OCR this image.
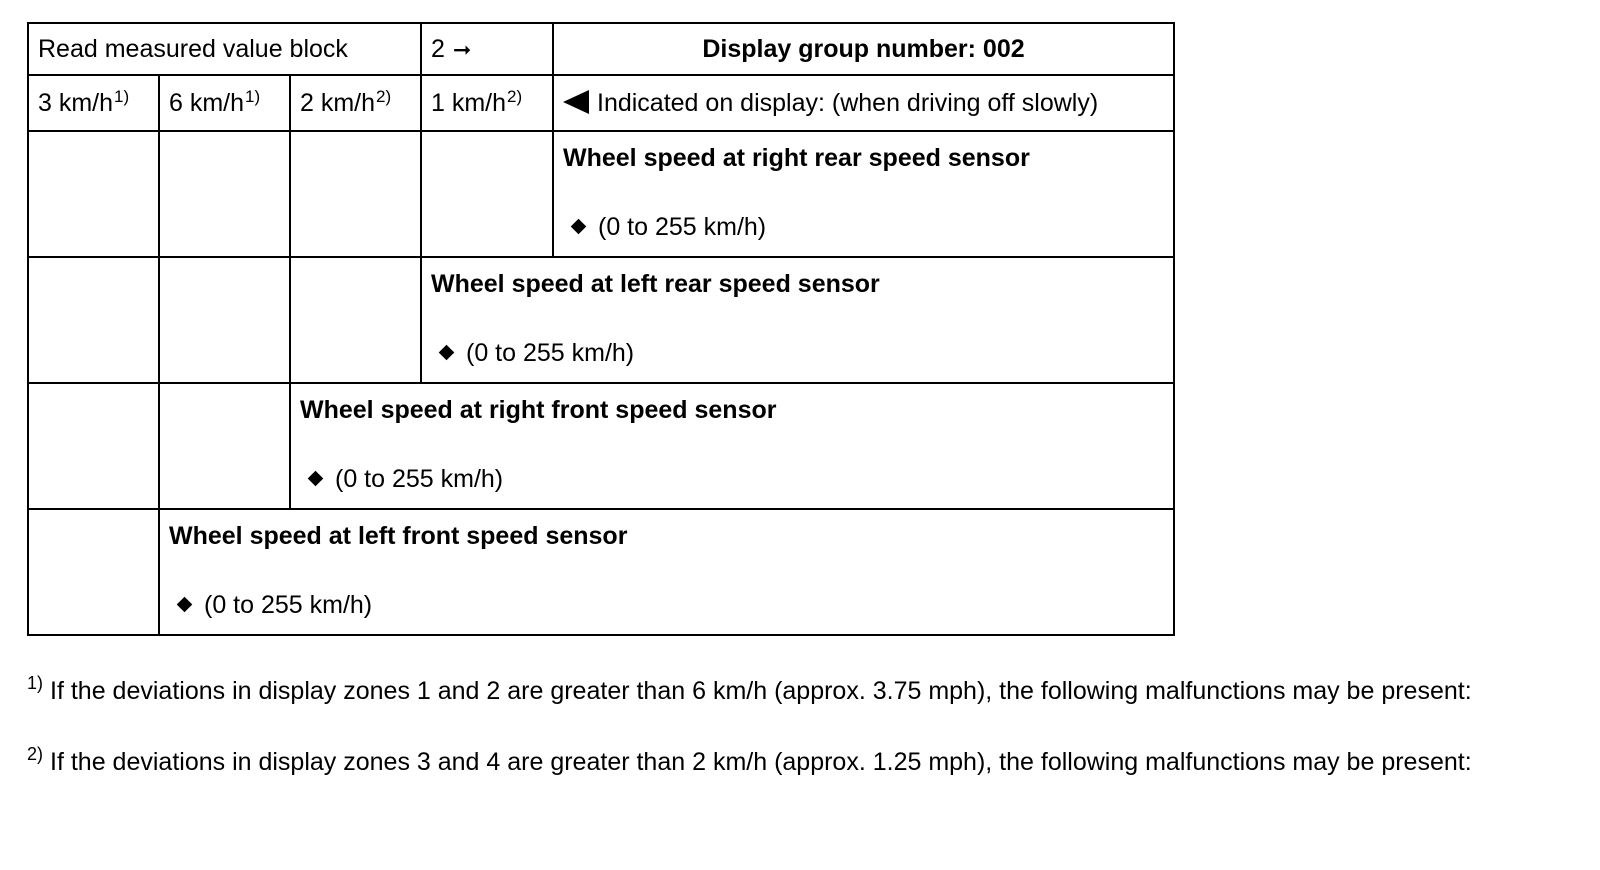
Read measured value block			2 ➞	Display group number: 002
3 $km/h^{1)}$	6 $km/h^{1)}$	2 $km/h^{2)}$	1 $km/h^{2)}$	Indicated on display: (when driving off slowly)

				Wheel speed at right rear speed sensor
(0 to 255 km/h)

			Wheel speed at left rear speed sensor
(0 to 255 km/h)	

		Wheel speed at right front speed sensor
(0 to 255 km/h)		

	Wheel speed at left front speed sensor
(0 to 255 km/h)			

$^{1)}$ If the deviations in display zones 1 and 2 are greater than 6 km/h (approx. 3.75 mph), the following malfunctions may be present:

$^{2)}$ If the deviations in display zones 3 and 4 are greater than 2 km/h (approx. 1.25 mph), the following malfunctions may be present:
